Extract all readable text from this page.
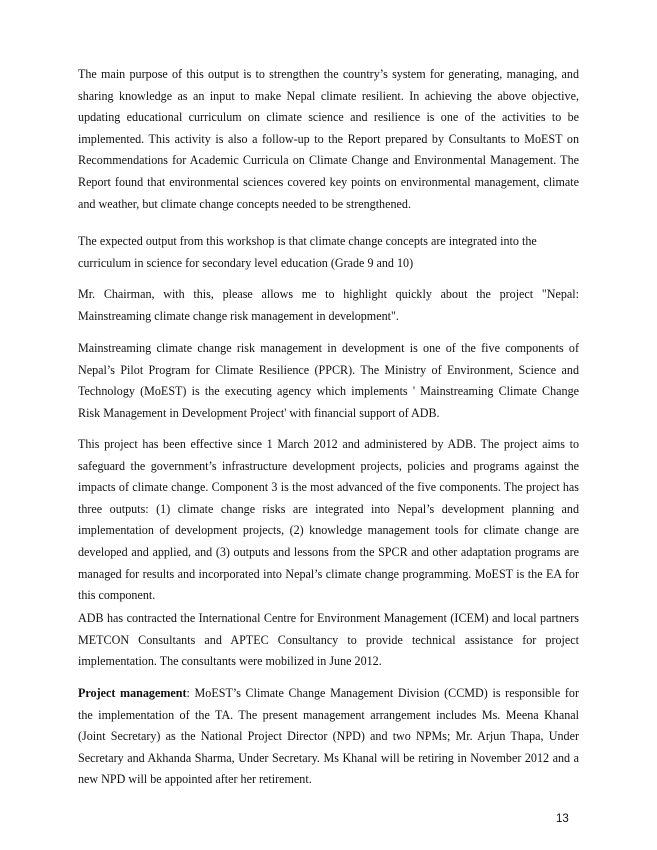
The main purpose of this output is to strengthen the country’s system for generating, managing, and sharing knowledge as an input to make Nepal climate resilient. In achieving the above objective, updating educational curriculum on climate science and resilience is one of the activities to be implemented. This activity is also a follow-up to the Report prepared by Consultants to MoEST on Recommendations for Academic Curricula on Climate Change and Environmental Management. The Report found that environmental sciences covered key points on environmental management, climate and weather, but climate change concepts needed to be strengthened.

The expected output from this workshop is that climate change concepts are integrated into the curriculum in science for secondary level education (Grade 9 and 10)

Mr. Chairman, with this, please allows me to highlight quickly about the project "Nepal: Mainstreaming climate change risk management in development".

Mainstreaming climate change risk management in development is one of the five components of Nepal’s Pilot Program for Climate Resilience (PPCR). The Ministry of Environment, Science and Technology (MoEST) is the executing agency which implements ' Mainstreaming Climate Change Risk Management in Development Project' with financial support of ADB.

This project has been effective since 1 March 2012 and administered by ADB. The project aims to safeguard the government’s infrastructure development projects, policies and programs against the impacts of climate change. Component 3 is the most advanced of the five components. The project has three outputs: (1) climate change risks are integrated into Nepal’s development planning and implementation of development projects, (2) knowledge management tools for climate change are developed and applied, and (3) outputs and lessons from the SPCR and other adaptation programs are managed for results and incorporated into Nepal’s climate change programming. MoEST is the EA for this component.

ADB has contracted the International Centre for Environment Management (ICEM) and local partners METCON Consultants and APTEC Consultancy to provide technical assistance for project implementation. The consultants were mobilized in June 2012.

Project management: MoEST’s Climate Change Management Division (CCMD) is responsible for the implementation of the TA. The present management arrangement includes Ms. Meena Khanal (Joint Secretary) as the National Project Director (NPD) and two NPMs; Mr. Arjun Thapa, Under Secretary and Akhanda Sharma, Under Secretary. Ms Khanal will be retiring in November 2012 and a new NPD will be appointed after her retirement.

13
